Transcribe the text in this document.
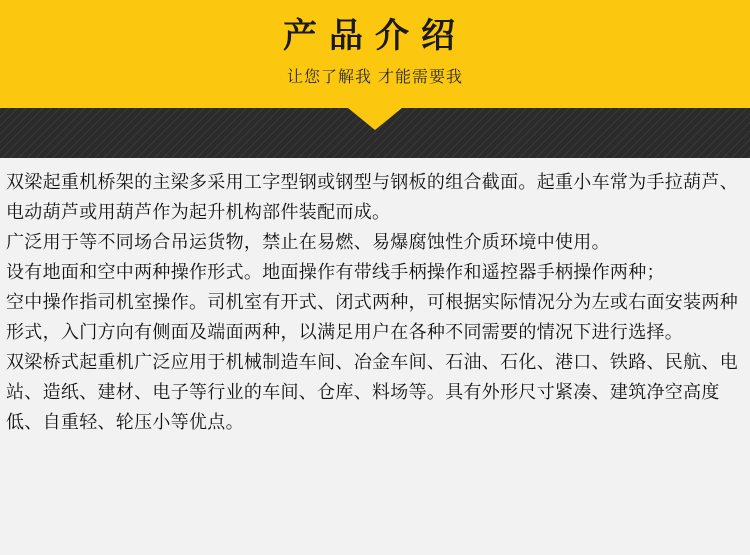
产品介绍
让您了解我 才能需要我

双梁起重机桥架的主梁多采用工字型钢或钢型与钢板的组合截面。起重小车常为手拉葫芦、电动葫芦或用葫芦作为起升机构部件装配而成。

广泛用于等不同场合吊运货物，禁止在易燃、易爆腐蚀性介质环境中使用。

设有地面和空中两种操作形式。地面操作有带线手柄操作和遥控器手柄操作两种；

空中操作指司机室操作。司机室有开式、闭式两种，可根据实际情况分为左或右面安装两种形式，入门方向有侧面及端面两种，以满足用户在各种不同需要的情况下进行选择。

双梁桥式起重机广泛应用于机械制造车间、冶金车间、石油、石化、港口、铁路、民航、电站、造纸、建材、电子等行业的车间、仓库、料场等。具有外形尺寸紧凑、建筑净空高度低、自重轻、轮压小等优点。
